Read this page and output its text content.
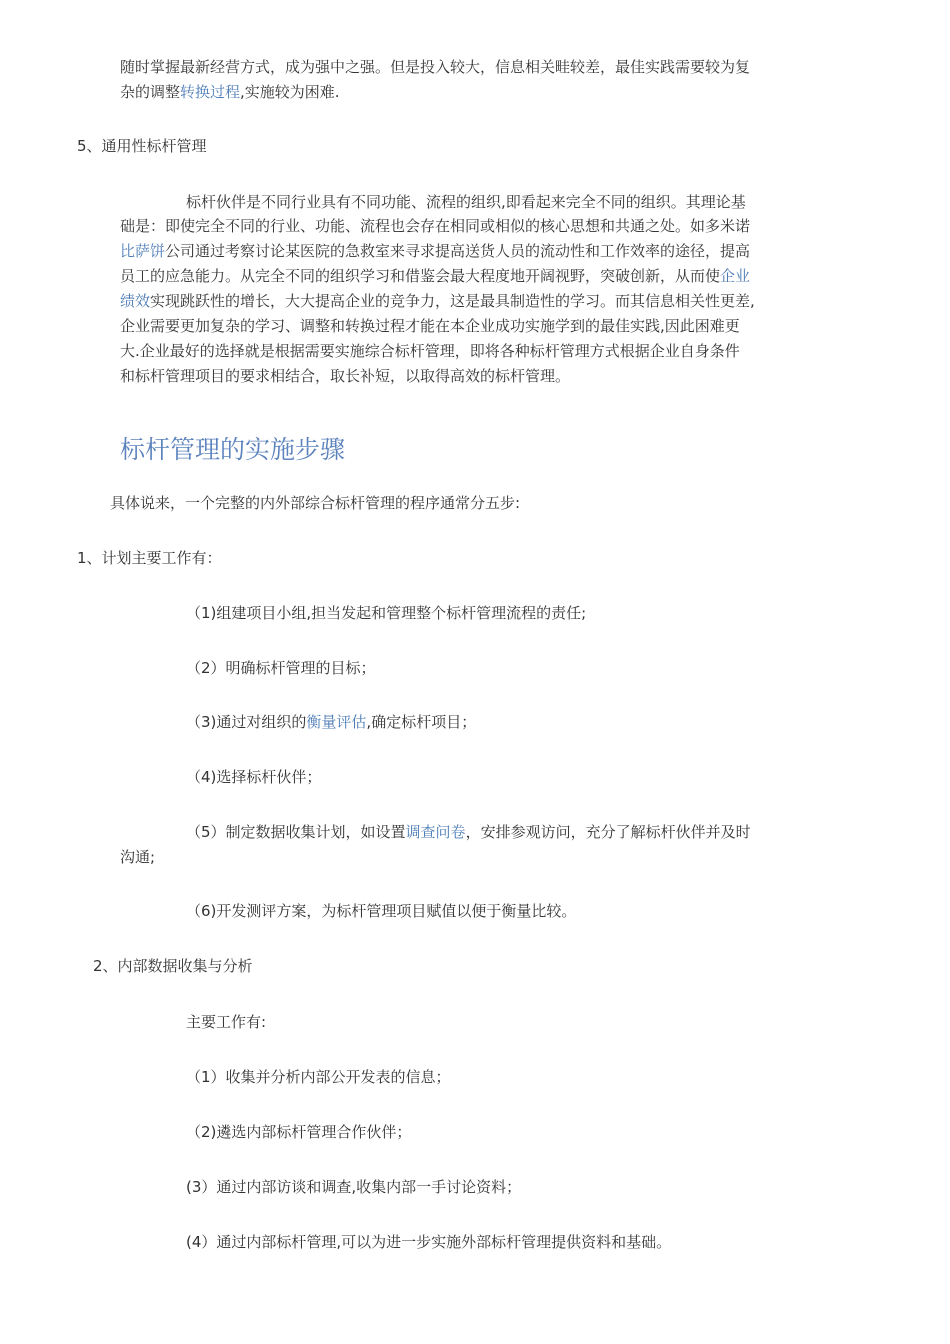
随时掌握最新经营方式，成为强中之强。但是投入较大，信息相关畦较差，最佳实践需要较为复

杂的调整转换过程,实施较为困难.

5、通用性标杆管理

标杆伙伴是不同行业具有不同功能、流程的组织,即看起来完全不同的组织。其理论基

础是：即使完全不同的行业、功能、流程也会存在相同或相似的核心思想和共通之处。如多米诺

比萨饼公司通过考察讨论某医院的急救室来寻求提高送货人员的流动性和工作效率的途径，提高

员工的应急能力。从完全不同的组织学习和借鉴会最大程度地开阔视野，突破创新，从而使企业

绩效实现跳跃性的增长，大大提高企业的竞争力，这是最具制造性的学习。而其信息相关性更差,

企业需要更加复杂的学习、调整和转换过程才能在本企业成功实施学到的最佳实践,因此困难更

大.企业最好的选择就是根据需要实施综合标杆管理，即将各种标杆管理方式根据企业自身条件

和标杆管理项目的要求相结合，取长补短，以取得高效的标杆管理。

标杆管理的实施步骤

具体说来，一个完整的内外部综合标杆管理的程序通常分五步:

1、计划主要工作有：

（1)组建项目小组,担当发起和管理整个标杆管理流程的责任;

（2）明确标杆管理的目标；

（3)通过对组织的衡量评估,确定标杆项目；

（4)选择标杆伙伴；

（5）制定数据收集计划，如设置调查问卷，安排参观访问，充分了解标杆伙伴并及时

沟通;

（6)开发测评方案，为标杆管理项目赋值以便于衡量比较。

2、内部数据收集与分析

主要工作有:

（1）收集并分析内部公开发表的信息；

（2)遴选内部标杆管理合作伙伴；

(3）通过内部访谈和调查,收集内部一手讨论资料；

(4）通过内部标杆管理,可以为进一步实施外部标杆管理提供资料和基础。
